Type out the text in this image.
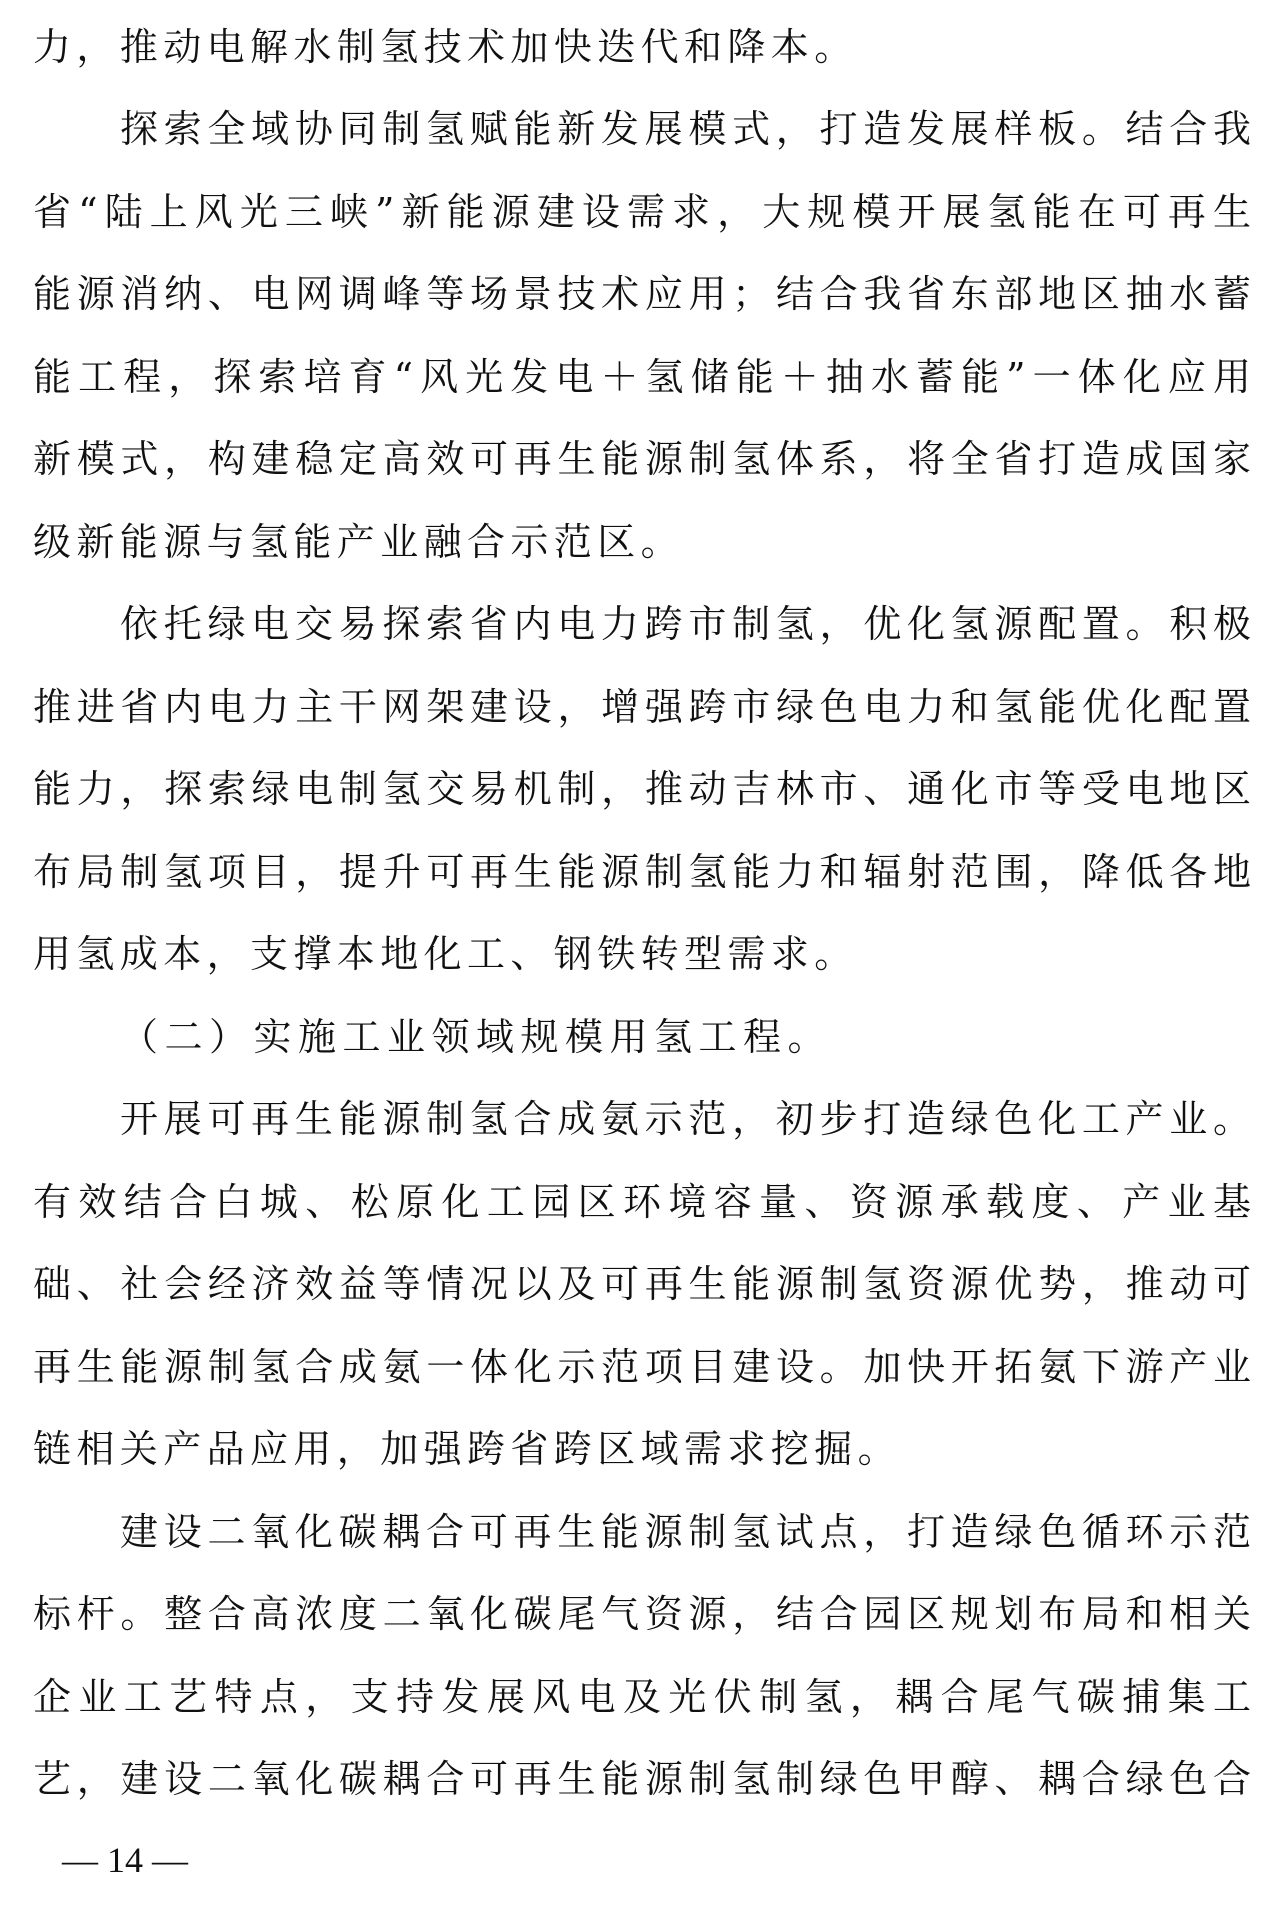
力，推动电解水制氢技术加快迭代和降本。
探索全域协同制氢赋能新发展模式，打造发展样板。结合我
省“陆上风光三峡”新能源建设需求，大规模开展氢能在可再生
能源消纳、电网调峰等场景技术应用；结合我省东部地区抽水蓄
能工程，探索培育“风光发电＋氢储能＋抽水蓄能”一体化应用
新模式，构建稳定高效可再生能源制氢体系，将全省打造成国家
级新能源与氢能产业融合示范区。
依托绿电交易探索省内电力跨市制氢，优化氢源配置。积极
推进省内电力主干网架建设，增强跨市绿色电力和氢能优化配置
能力，探索绿电制氢交易机制，推动吉林市、通化市等受电地区
布局制氢项目，提升可再生能源制氢能力和辐射范围，降低各地
用氢成本，支撑本地化工、钢铁转型需求。
（二）实施工业领域规模用氢工程。
开展可再生能源制氢合成氨示范，初步打造绿色化工产业。
有效结合白城、松原化工园区环境容量、资源承载度、产业基
础、社会经济效益等情况以及可再生能源制氢资源优势，推动可
再生能源制氢合成氨一体化示范项目建设。加快开拓氨下游产业
链相关产品应用，加强跨省跨区域需求挖掘。
建设二氧化碳耦合可再生能源制氢试点，打造绿色循环示范
标杆。整合高浓度二氧化碳尾气资源，结合园区规划布局和相关
企业工艺特点，支持发展风电及光伏制氢，耦合尾气碳捕集工
艺，建设二氧化碳耦合可再生能源制氢制绿色甲醇、耦合绿色合
— 14 —
